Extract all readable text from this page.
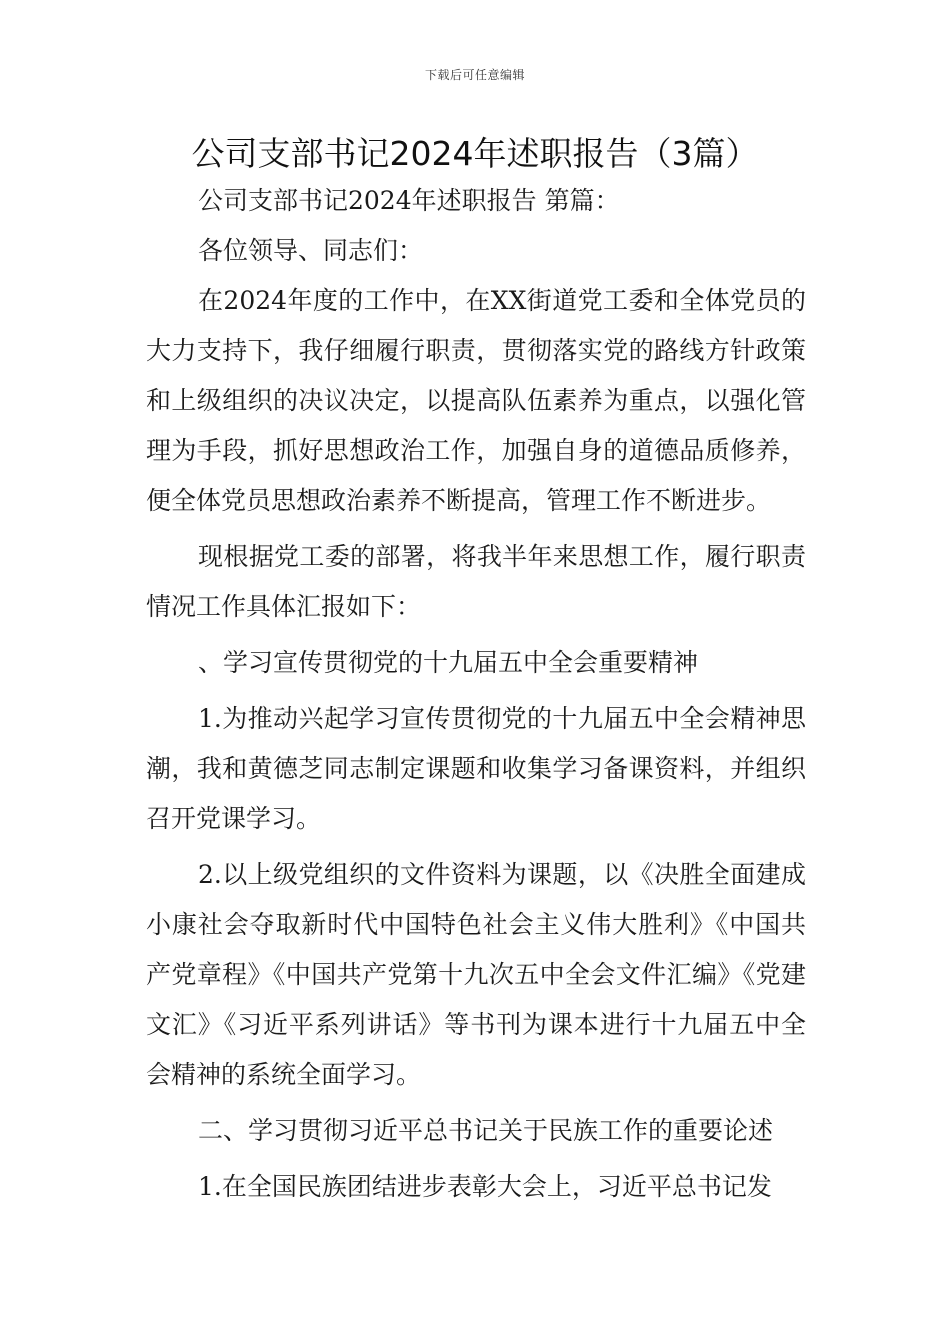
下载后可任意编辑
公司支部书记2024年述职报告（3篇）

公司支部书记2024年述职报告 第篇：

各位领导、同志们：

在2024年度的工作中，在XX街道党工委和全体党员的大力支持下，我仔细履行职责，贯彻落实党的路线方针政策和上级组织的决议决定，以提高队伍素养为重点，以强化管理为手段，抓好思想政治工作，加强自身的道德品质修养，便全体党员思想政治素养不断提高，管理工作不断进步。

现根据党工委的部署，将我半年来思想工作，履行职责情况工作具体汇报如下：

、学习宣传贯彻党的十九届五中全会重要精神

1.为推动兴起学习宣传贯彻党的十九届五中全会精神思潮，我和黄德芝同志制定课题和收集学习备课资料，并组织召开党课学习。

2.以上级党组织的文件资料为课题，以《决胜全面建成小康社会夺取新时代中国特色社会主义伟大胜利》《中国共产党章程》《中国共产党第十九次五中全会文件汇编》《党建文汇》《习近平系列讲话》等书刊为课本进行十九届五中全会精神的系统全面学习。

二、学习贯彻习近平总书记关于民族工作的重要论述

1.在全国民族团结进步表彰大会上，习近平总书记发
